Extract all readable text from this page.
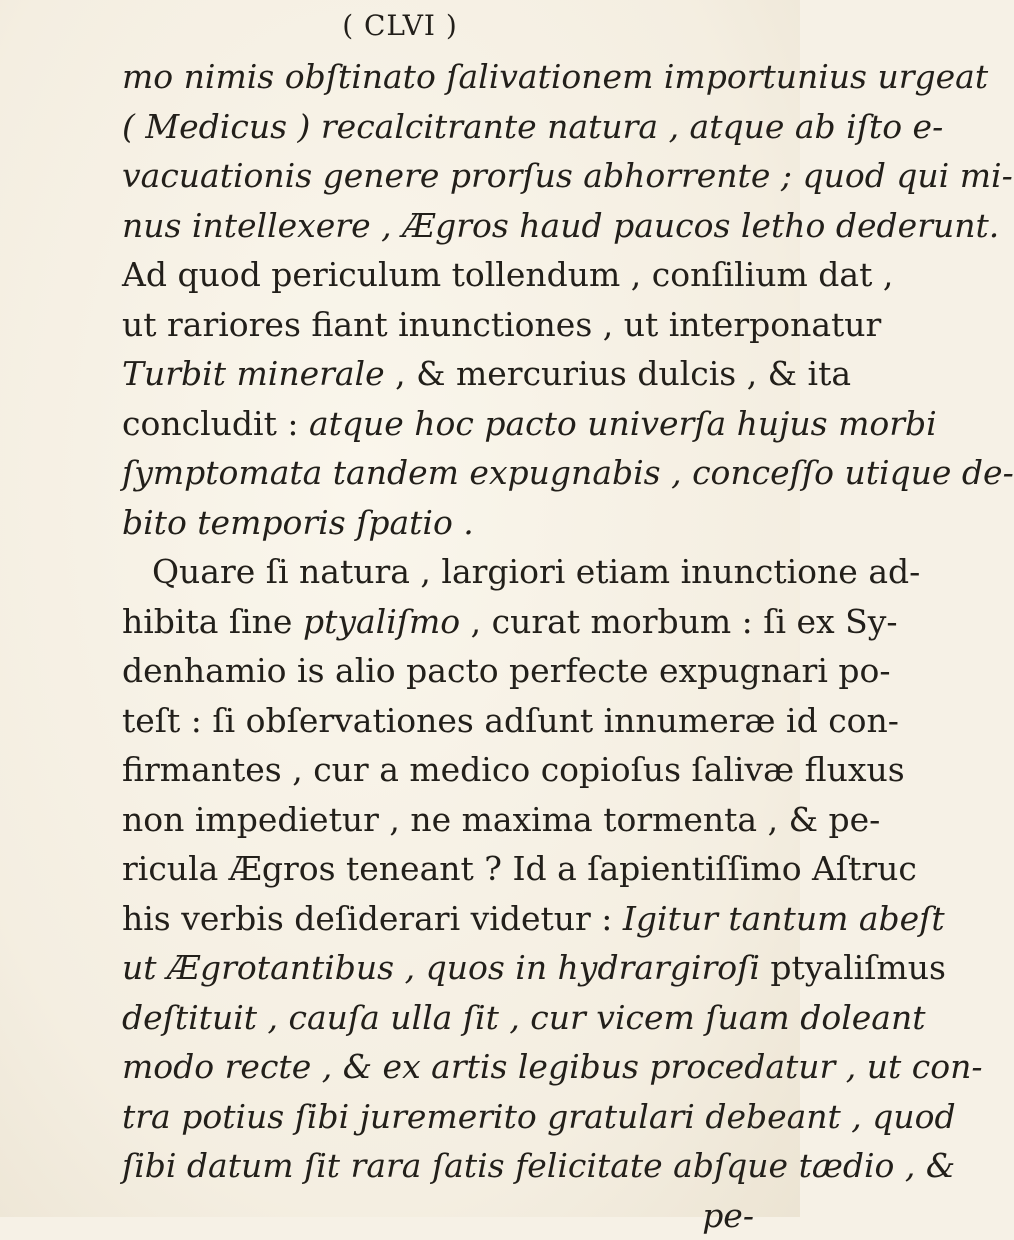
( CLVI )
mo nimis obſtinato ſalivationem importunius urgeat
( Medicus ) recalcitrante natura , atque ab iſto e-
vacuationis genere prorſus abhorrente ; quod qui mi-
nus intellexere , Ægros haud paucos letho dederunt.
Ad quod periculum tollendum , conſilium dat ,
ut rariores fiant inunctiones , ut interponatur
Turbit minerale , & mercurius dulcis , & ita
concludit : atque hoc pacto univerſa hujus morbi
ſymptomata tandem expugnabis , conceſſo utique de-
bito temporis ſpatio .
Quare ſi natura , largiori etiam inunctione ad-
hibita ſine ptyaliſmo , curat morbum : ſi ex Sy-
denhamio is alio pacto perfecte expugnari po-
teſt : ſi obſervationes adſunt innumeræ id con-
firmantes , cur a medico copioſus ſalivæ fluxus
non impedietur , ne maxima tormenta , & pe-
ricula Ægros teneant ? Id a ſapientiſſimo Aſtruc
his verbis deſiderari videtur : Igitur tantum abeſt
ut Ægrotantibus , quos in hydrargiroſi ptyaliſmus
deſtituit , cauſa ulla ſit , cur vicem ſuam doleant
modo recte , & ex artis legibus procedatur , ut con-
tra potius ſibi juremerito gratulari debeant , quod
ſibi datum ſit rara ſatis felicitate abſque tædio , &
pe-
